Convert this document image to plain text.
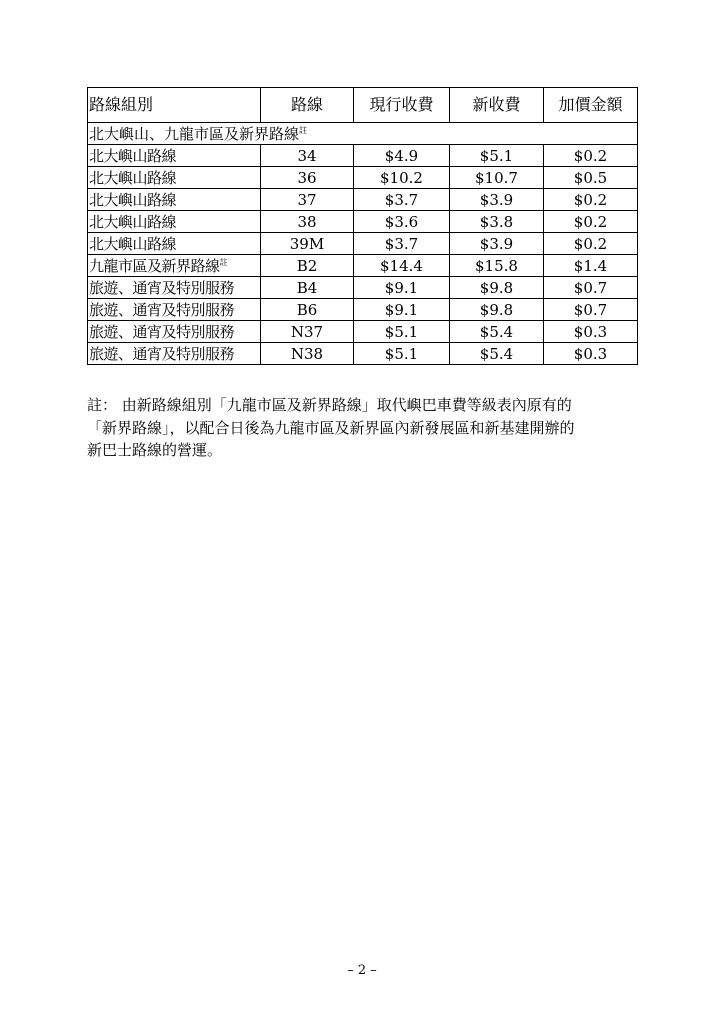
路線組別	路線	現行收費	新收費	加價金額
北大嶼山、九龍市區及新界路線$^註$
北大嶼山路線	34	$4.9	$5.1	$0.2
北大嶼山路線	36	$10.2	$10.7	$0.5
北大嶼山路線	37	$3.7	$3.9	$0.2
北大嶼山路線	38	$3.6	$3.8	$0.2
北大嶼山路線	39M	$3.7	$3.9	$0.2
九龍市區及新界路線$^註$	B2	$14.4	$15.8	$1.4
旅遊、通宵及特別服務	B4	$9.1	$9.8	$0.7
旅遊、通宵及特別服務	B6	$9.1	$9.8	$0.7
旅遊、通宵及特別服務	N37	$5.1	$5.4	$0.3
旅遊、通宵及特別服務	N38	$5.1	$5.4	$0.3
註： 由新路線組別「九龍市區及新界路線」取代嶼巴車費等級表內原有的
「新界路線」，以配合日後為九龍市區及新界區內新發展區和新基建開辦的
新巴士路線的營運。
– 2 –
